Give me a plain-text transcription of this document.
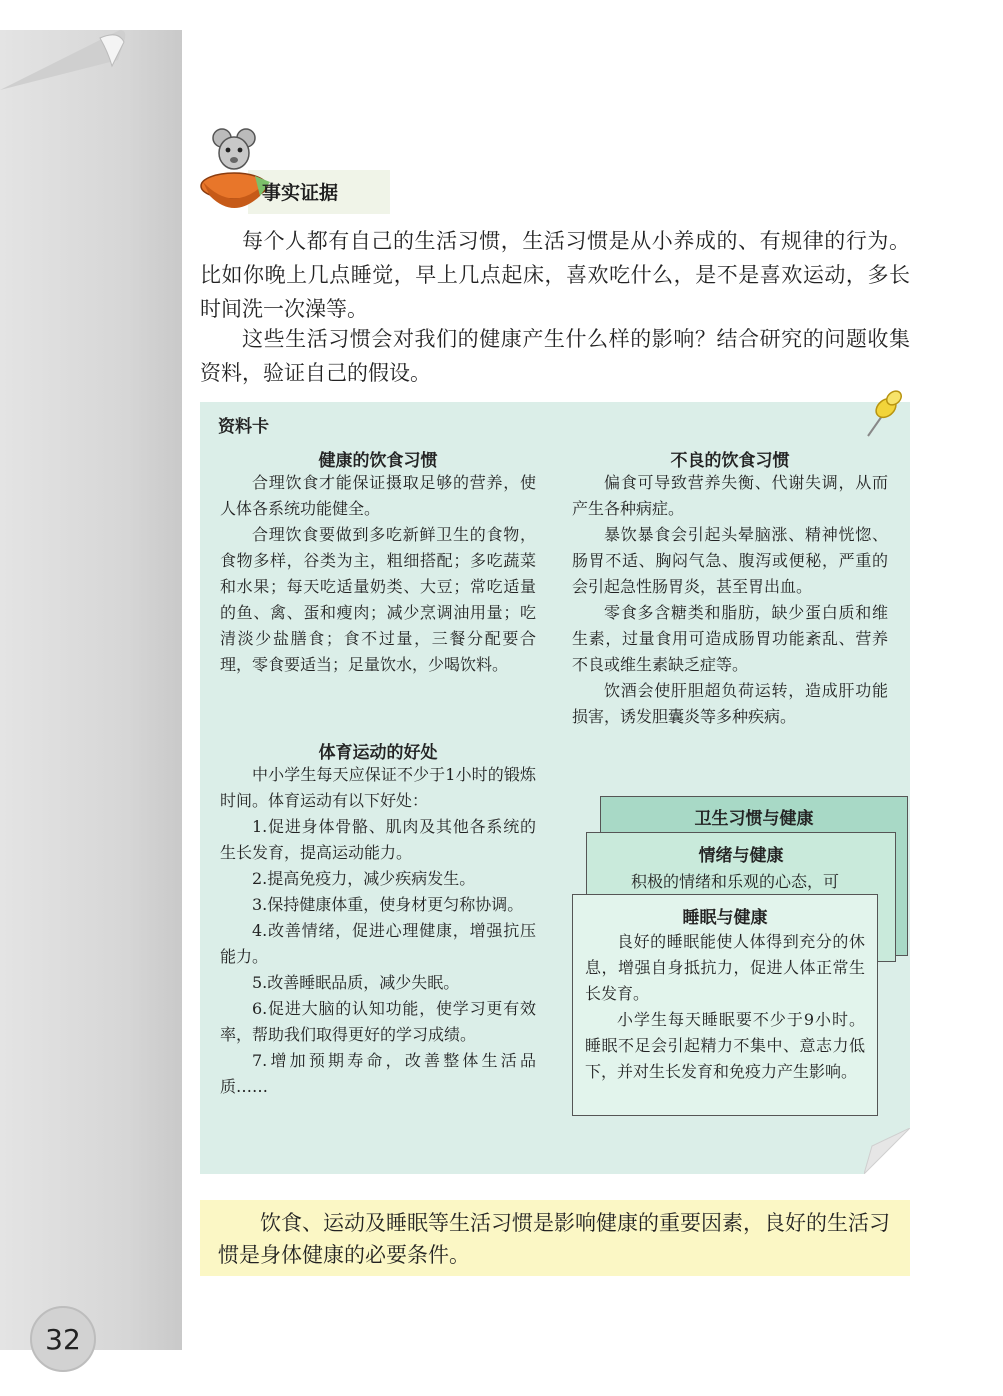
32
事实证据

每个人都有自己的生活习惯，生活习惯是从小养成的、有规律的行为。比如你晚上几点睡觉，早上几点起床，喜欢吃什么，是不是喜欢运动，多长时间洗一次澡等。

这些生活习惯会对我们的健康产生什么样的影响？结合研究的问题收集资料，验证自己的假设。

资料卡
健康的饮食习惯

合理饮食才能保证摄取足够的营养，使人体各系统功能健全。

合理饮食要做到多吃新鲜卫生的食物，食物多样，谷类为主，粗细搭配；多吃蔬菜和水果；每天吃适量奶类、大豆；常吃适量的鱼、禽、蛋和瘦肉；减少烹调油用量；吃清淡少盐膳食；食不过量，三餐分配要合理，零食要适当；足量饮水，少喝饮料。

不良的饮食习惯

偏食可导致营养失衡、代谢失调，从而产生各种病症。

暴饮暴食会引起头晕脑涨、精神恍惚、肠胃不适、胸闷气急、腹泻或便秘，严重的会引起急性肠胃炎，甚至胃出血。

零食多含糖类和脂肪，缺少蛋白质和维生素，过量食用可造成肠胃功能紊乱、营养不良或维生素缺乏症等。

饮酒会使肝胆超负荷运转，造成肝功能损害，诱发胆囊炎等多种疾病。

体育运动的好处

中小学生每天应保证不少于1小时的锻炼时间。体育运动有以下好处：

1.促进身体骨骼、肌肉及其他各系统的生长发育，提高运动能力。

2.提高免疫力，减少疾病发生。

3.保持健康体重，使身材更匀称协调。

4.改善情绪，促进心理健康，增强抗压能力。

5.改善睡眠品质，减少失眠。

6.促进大脑的认知功能，使学习更有效率，帮助我们取得更好的学习成绩。

7.增加预期寿命，改善整体生活品质……

卫生习惯与健康
情绪与健康

积极的情绪和乐观的心态，可

睡眠与健康

良好的睡眠能使人体得到充分的休息，增强自身抵抗力，促进人体正常生长发育。

小学生每天睡眠要不少于9小时。睡眠不足会引起精力不集中、意志力低下，并对生长发育和免疫力产生影响。

饮食、运动及睡眠等生活习惯是影响健康的重要因素，良好的生活习惯是身体健康的必要条件。
